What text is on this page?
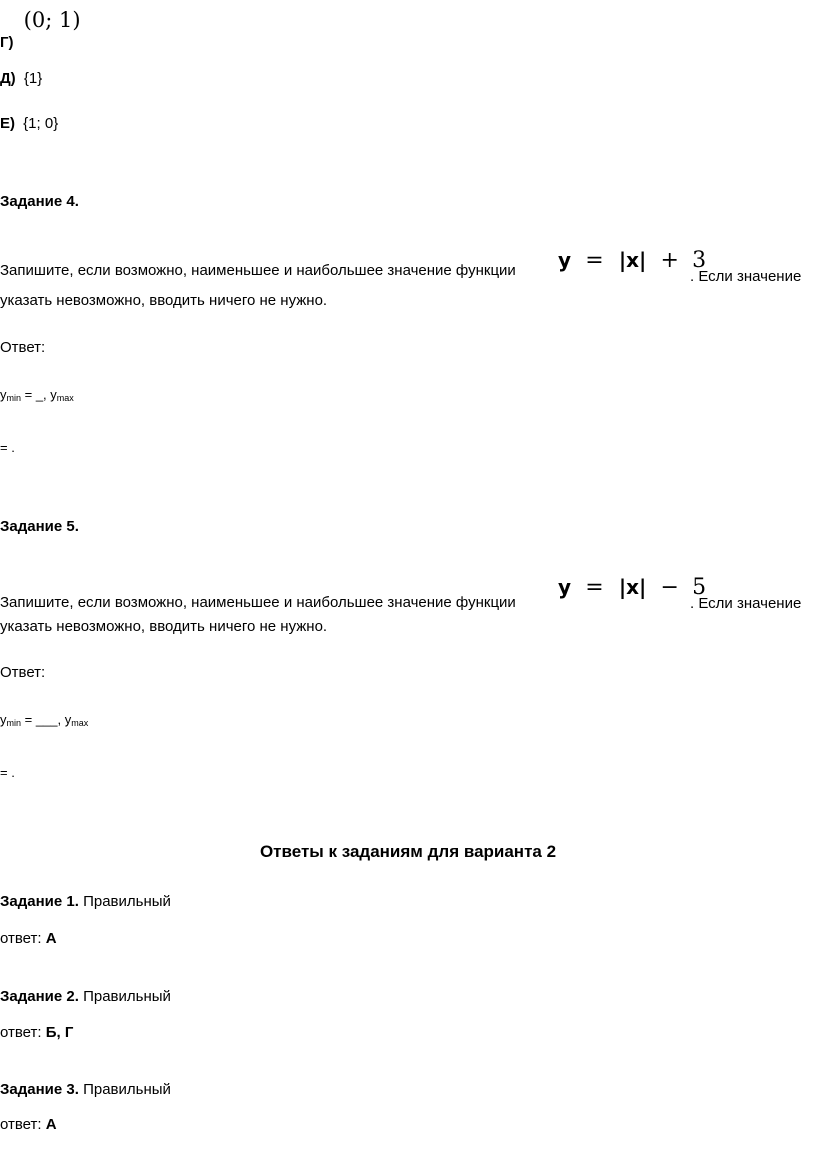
Г) (0; 1)
Д) {1}
Е) {1; 0}
Задание 4.
Запишите, если возможно, наименьшее и наибольшее значение функции y = |x| + 3
. Если значение
указать невозможно, вводить ничего не нужно.
Ответ:
$y_{min}$ = _, $y_{max}$
= .
Задание 5.
Запишите, если возможно, наименьшее и наибольшее значение функции
y = |x| − 5
. Если значение
указать невозможно, вводить ничего не нужно.
Ответ:
$y_{min}$ = ___, $y_{max}$
= .
Ответы к заданиям для варианта 2
Задание 1. Правильный
ответ: А
Задание 2. Правильный
ответ: Б, Г
Задание 3. Правильный
ответ: А
